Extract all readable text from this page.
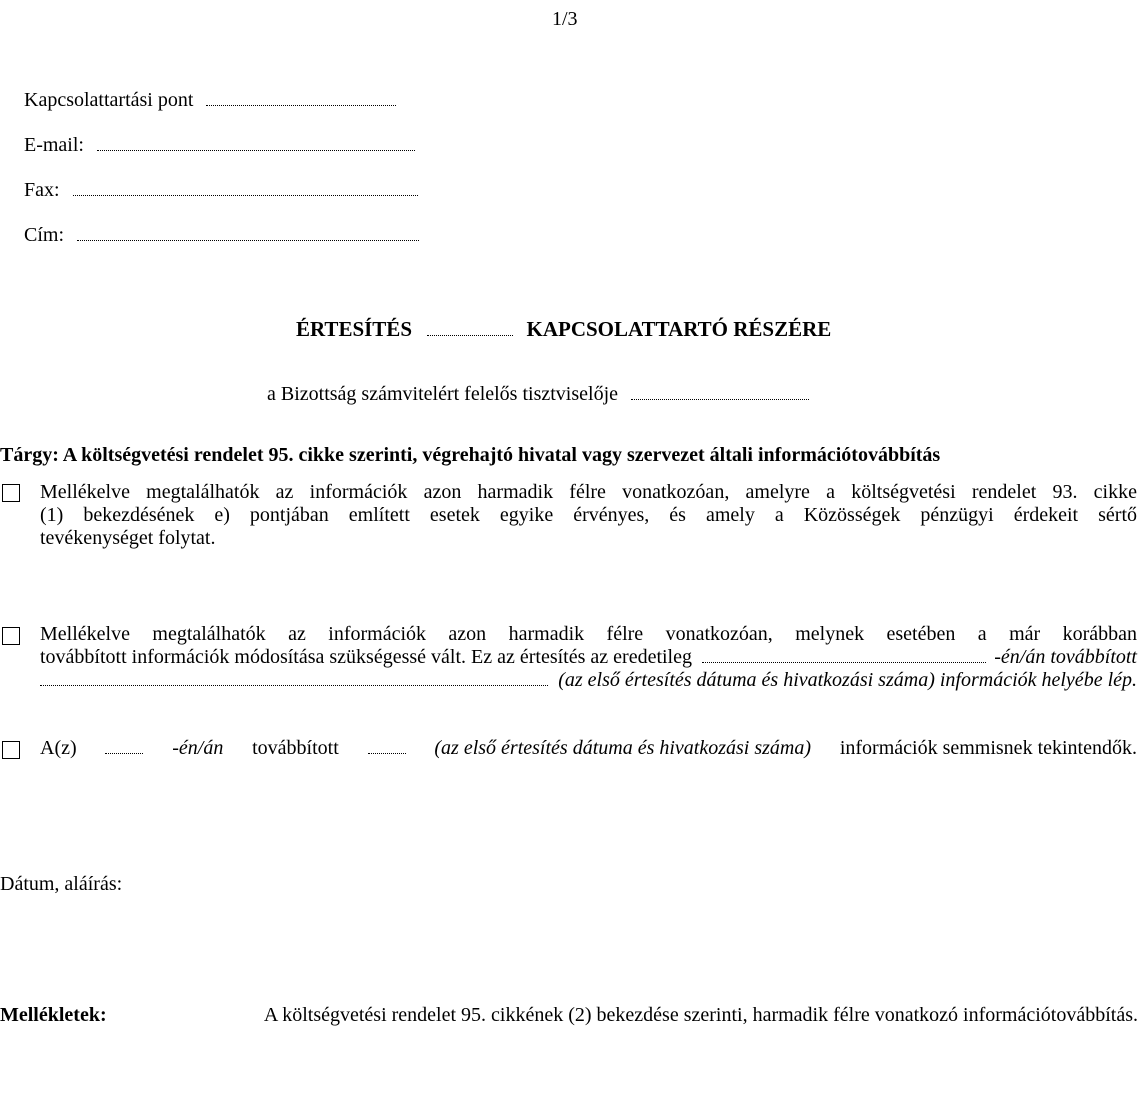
1/3
Kapcsolattartási pont
E-mail:
Fax:
Cím:
ÉRTESÍTÉS	KAPCSOLATTARTÓ RÉSZÉRE
a Bizottság számvitelért felelős tisztviselője
Tárgy: A költségvetési rendelet 95. cikke szerinti, végrehajtó hivatal vagy szervezet általi információtovábbítás
Mellékelve megtalálhatók az információk azon harmadik félre vonatkozóan, amelyre a költségvetési rendelet 93. cikke
(1) bekezdésének e) pontjában említett esetek egyike érvényes, és amely a Közösségek pénzügyi érdekeit sértő
tevékenységet folytat.
Mellékelve megtalálhatók az információk azon harmadik félre vonatkozóan, melynek esetében a már korábban
továbbított információk módosítása szükségessé vált. Ez az értesítés az eredetileg	-én/án továbbított
(az első értesítés dátuma és hivatkozási száma) információk helyébe lép.
A(z)	-én/án továbbított	(az első értesítés dátuma és hivatkozási száma) információk semmisnek tekintendők.
Dátum, aláírás:
Mellékletek:	A költségvetési rendelet 95. cikkének (2) bekezdése szerinti, harmadik félre vonatkozó információtovábbítás.
